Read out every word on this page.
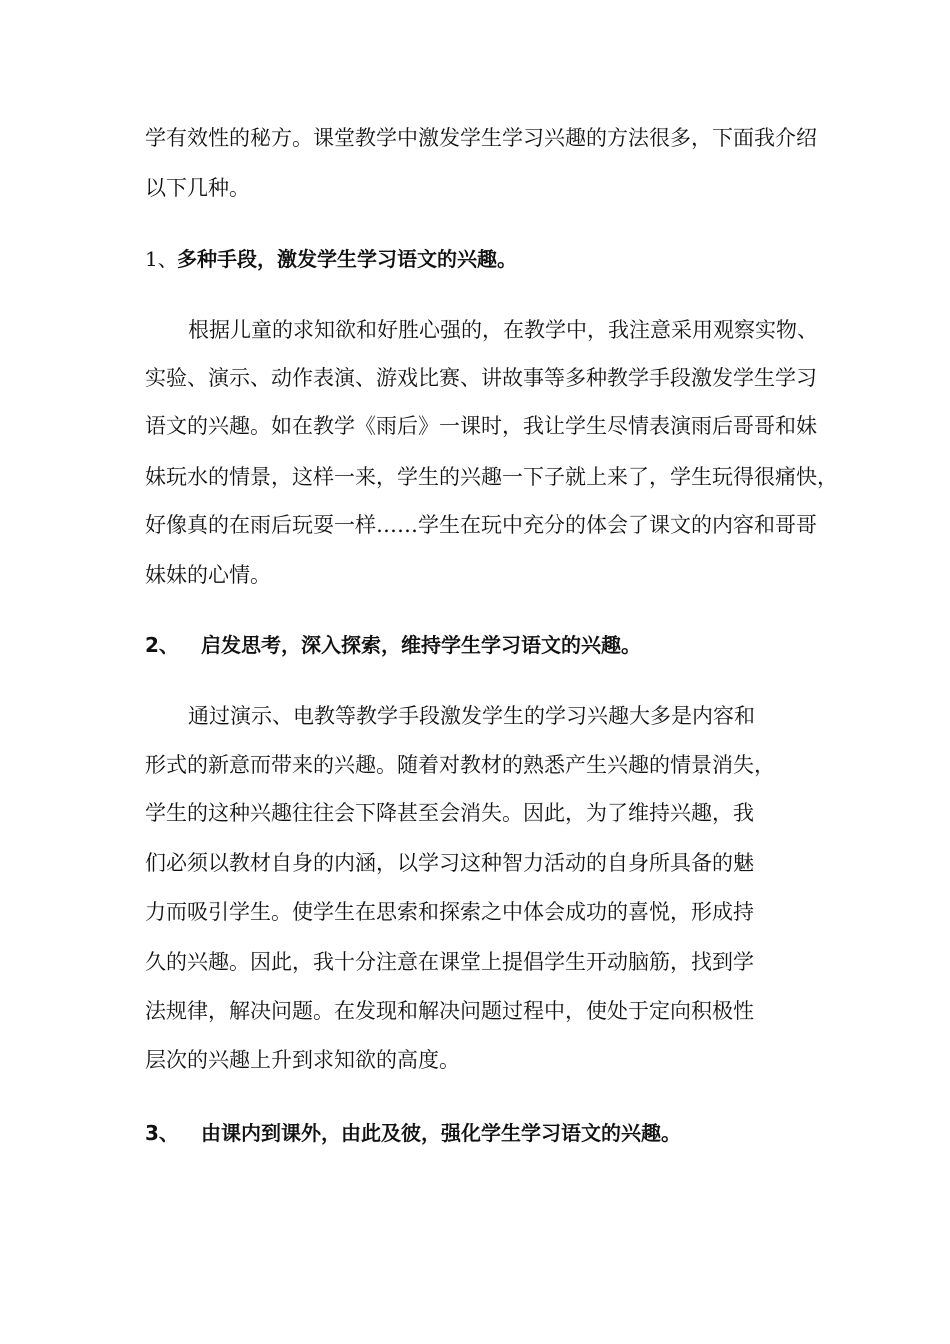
学有效性的秘方。课堂教学中激发学生学习兴趣的方法很多，下面我介绍
以下几种。
1、多种手段，激发学生学习语文的兴趣。
根据儿童的求知欲和好胜心强的，在教学中，我注意采用观察实物、
实验、演示、动作表演、游戏比赛、讲故事等多种教学手段激发学生学习
语文的兴趣。如在教学《雨后》一课时，我让学生尽情表演雨后哥哥和妹
妹玩水的情景，这样一来，学生的兴趣一下子就上来了，学生玩得很痛快，
好像真的在雨后玩耍一样……学生在玩中充分的体会了课文的内容和哥哥
妹妹的心情。
2、 启发思考，深入探索，维持学生学习语文的兴趣。
通过演示、电教等教学手段激发学生的学习兴趣大多是内容和
形式的新意而带来的兴趣。随着对教材的熟悉产生兴趣的情景消失，
学生的这种兴趣往往会下降甚至会消失。因此，为了维持兴趣，我
们必须以教材自身的内涵，以学习这种智力活动的自身所具备的魅
力而吸引学生。使学生在思索和探索之中体会成功的喜悦，形成持
久的兴趣。因此，我十分注意在课堂上提倡学生开动脑筋，找到学
法规律，解决问题。在发现和解决问题过程中，使处于定向积极性
层次的兴趣上升到求知欲的高度。
3、 由课内到课外，由此及彼，强化学生学习语文的兴趣。
